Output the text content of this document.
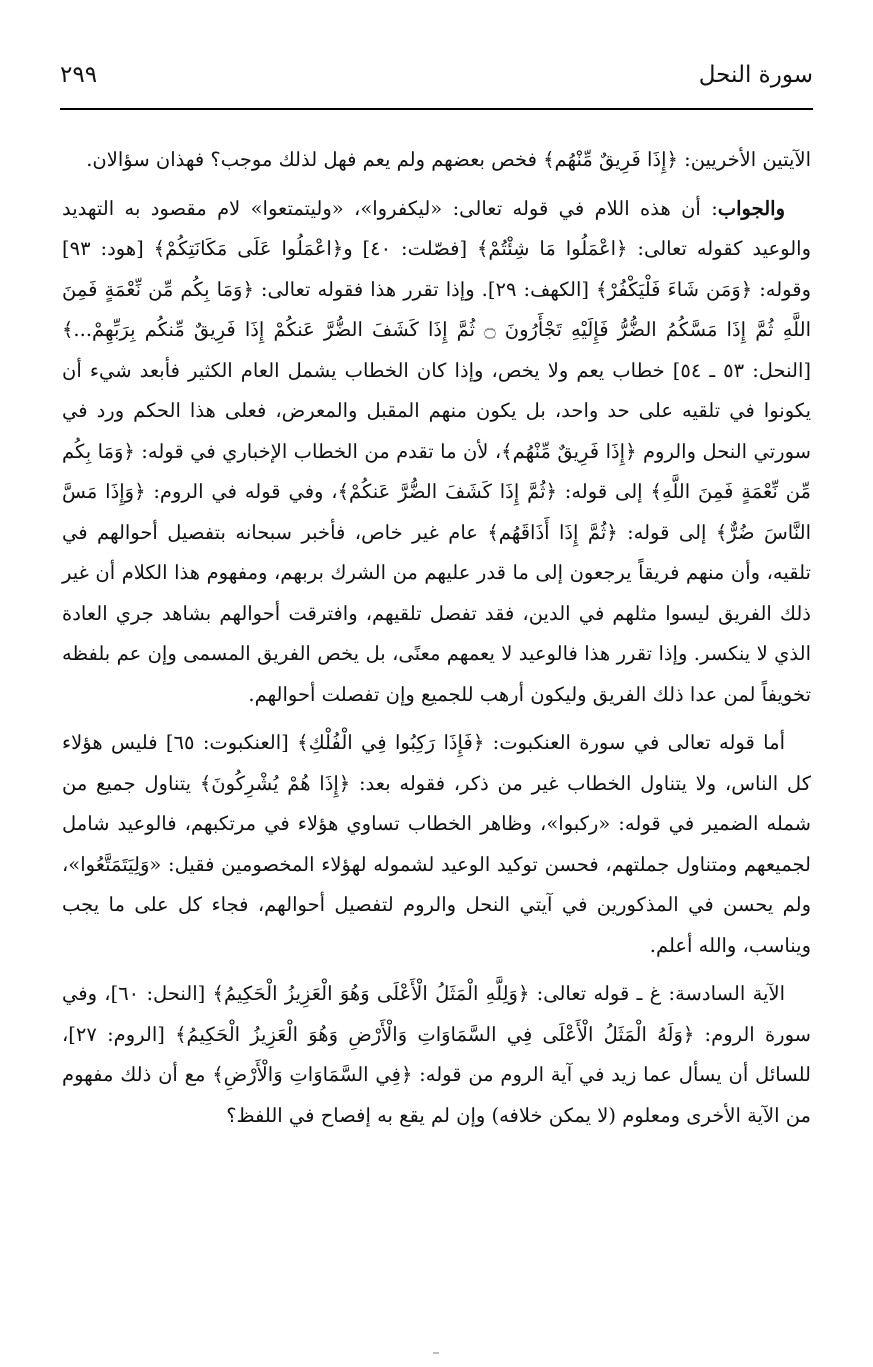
سورة النحل
٢٩٩

الآيتين الأخريين: ﴿إِذَا فَرِيقٌ مِّنْهُم﴾ فخص بعضهم ولم يعم فهل لذلك موجب؟ فهذان سؤالان.

والجواب: أن هذه اللام في قوله تعالى: «ليكفروا»، «وليتمتعوا» لام مقصود به التهديد والوعيد كقوله تعالى: ﴿اعْمَلُوا مَا شِئْتُمْ﴾ [فصّلت: ٤٠] و﴿اعْمَلُوا عَلَى مَكَانَتِكُمْ﴾ [هود: ٩٣] وقوله: ﴿وَمَن شَاءَ فَلْيَكْفُرْ﴾ [الكهف: ٢٩]. وإذا تقرر هذا فقوله تعالى: ﴿وَمَا بِكُم مِّن نِّعْمَةٍ فَمِنَ اللَّهِ ثُمَّ إِذَا مَسَّكُمُ الضُّرُّ فَإِلَيْهِ تَجْأَرُونَ ۝ ثُمَّ إِذَا كَشَفَ الضُّرَّ عَنكُمْ إِذَا فَرِيقٌ مِّنكُم بِرَبِّهِمْ...﴾ [النحل: ٥٣ ـ ٥٤] خطاب يعم ولا يخص، وإذا كان الخطاب يشمل العام الكثير فأبعد شيء أن يكونوا في تلقيه على حد واحد، بل يكون منهم المقبل والمعرض، فعلى هذا الحكم ورد في سورتي النحل والروم ﴿إِذَا فَرِيقٌ مِّنْهُم﴾، لأن ما تقدم من الخطاب الإخباري في قوله: ﴿وَمَا بِكُم مِّن نِّعْمَةٍ فَمِنَ اللَّهِ﴾ إلى قوله: ﴿ثُمَّ إِذَا كَشَفَ الضُّرَّ عَنكُمْ﴾، وفي قوله في الروم: ﴿وَإِذَا مَسَّ النَّاسَ ضُرٌّ﴾ إلى قوله: ﴿ثُمَّ إِذَا أَذَاقَهُم﴾ عام غير خاص، فأخبر سبحانه بتفصيل أحوالهم في تلقيه، وأن منهم فريقاً يرجعون إلى ما قدر عليهم من الشرك بربهم، ومفهوم هذا الكلام أن غير ذلك الفريق ليسوا مثلهم في الدين، فقد تفصل تلقيهم، وافترقت أحوالهم بشاهد جري العادة الذي لا ينكسر. وإذا تقرر هذا فالوعيد لا يعمهم معنًى، بل يخص الفريق المسمى وإن عم بلفظه تخويفاً لمن عدا ذلك الفريق وليكون أرهب للجميع وإن تفصلت أحوالهم.

أما قوله تعالى في سورة العنكبوت: ﴿فَإِذَا رَكِبُوا فِي الْفُلْكِ﴾ [العنكبوت: ٦٥] فليس هؤلاء كل الناس، ولا يتناول الخطاب غير من ذكر، فقوله بعد: ﴿إِذَا هُمْ يُشْرِكُونَ﴾ يتناول جميع من شمله الضمير في قوله: «ركبوا»، وظاهر الخطاب تساوي هؤلاء في مرتكبهم، فالوعيد شامل لجميعهم ومتناول جملتهم، فحسن توكيد الوعيد لشموله لهؤلاء المخصومين فقيل: «وَلِيَتَمَتَّعُوا»، ولم يحسن في المذكورين في آيتي النحل والروم لتفصيل أحوالهم، فجاء كل على ما يجب ويناسب، والله أعلم.

الآية السادسة: غ ـ قوله تعالى: ﴿وَلِلَّهِ الْمَثَلُ الْأَعْلَى وَهُوَ الْعَزِيزُ الْحَكِيمُ﴾ [النحل: ٦٠]، وفي سورة الروم: ﴿وَلَهُ الْمَثَلُ الْأَعْلَى فِي السَّمَاوَاتِ وَالْأَرْضِ وَهُوَ الْعَزِيزُ الْحَكِيمُ﴾ [الروم: ٢٧]، للسائل أن يسأل عما زيد في آية الروم من قوله: ﴿فِي السَّمَاوَاتِ وَالْأَرْضِ﴾ مع أن ذلك مفهوم من الآية الأخرى ومعلوم (لا يمكن خلافه) وإن لم يقع به إفصاح في اللفظ؟
